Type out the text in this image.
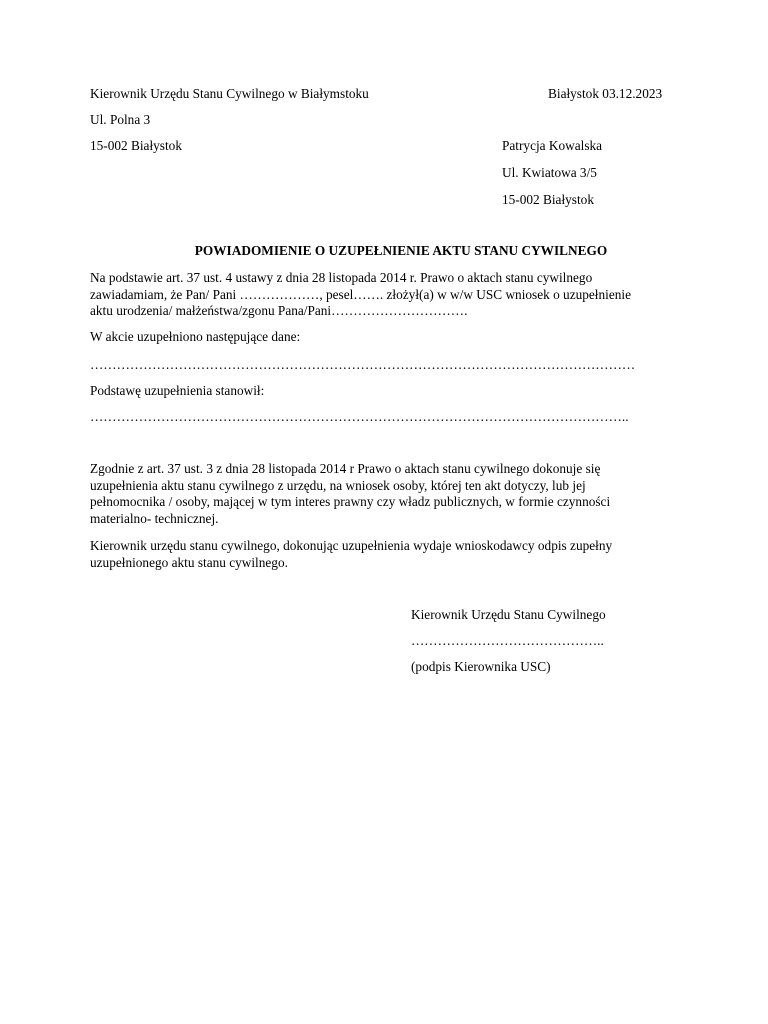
Kierownik Urzędu Stanu Cywilnego w Białymstoku	Białystok 03.12.2023
Ul. Polna 3
15-002 Białystok	Patrycja Kowalska
Ul. Kwiatowa 3/5
15-002 Białystok
POWIADOMIENIE O UZUPEŁNIENIE AKTU STANU CYWILNEGO
Na podstawie art. 37 ust. 4 ustawy z dnia 28 listopada 2014 r. Prawo o aktach stanu cywilnego
zawiadamiam, że Pan/ Pani ………………, pesel……. złożył(a) w w/w USC wniosek o uzupełnienie
aktu urodzenia/ małżeństwa/zgonu Pana/Pani………………………….
W akcie uzupełniono następujące dane:
……………………………………………………………………………………………………………
Podstawę uzupełnienia stanowił:
…………………………………………………………………………………………………………..
Zgodnie z art. 37 ust. 3 z dnia 28 listopada 2014 r Prawo o aktach stanu cywilnego dokonuje się
uzupełnienia aktu stanu cywilnego z urzędu, na wniosek osoby, której ten akt dotyczy, lub jej
pełnomocnika / osoby, mającej w tym interes prawny czy władz publicznych, w formie czynności
materialno- technicznej.
Kierownik urzędu stanu cywilnego, dokonując uzupełnienia wydaje wnioskodawcy odpis zupełny
uzupełnionego aktu stanu cywilnego.
Kierownik Urzędu Stanu Cywilnego
……………………………………..
(podpis Kierownika USC)
